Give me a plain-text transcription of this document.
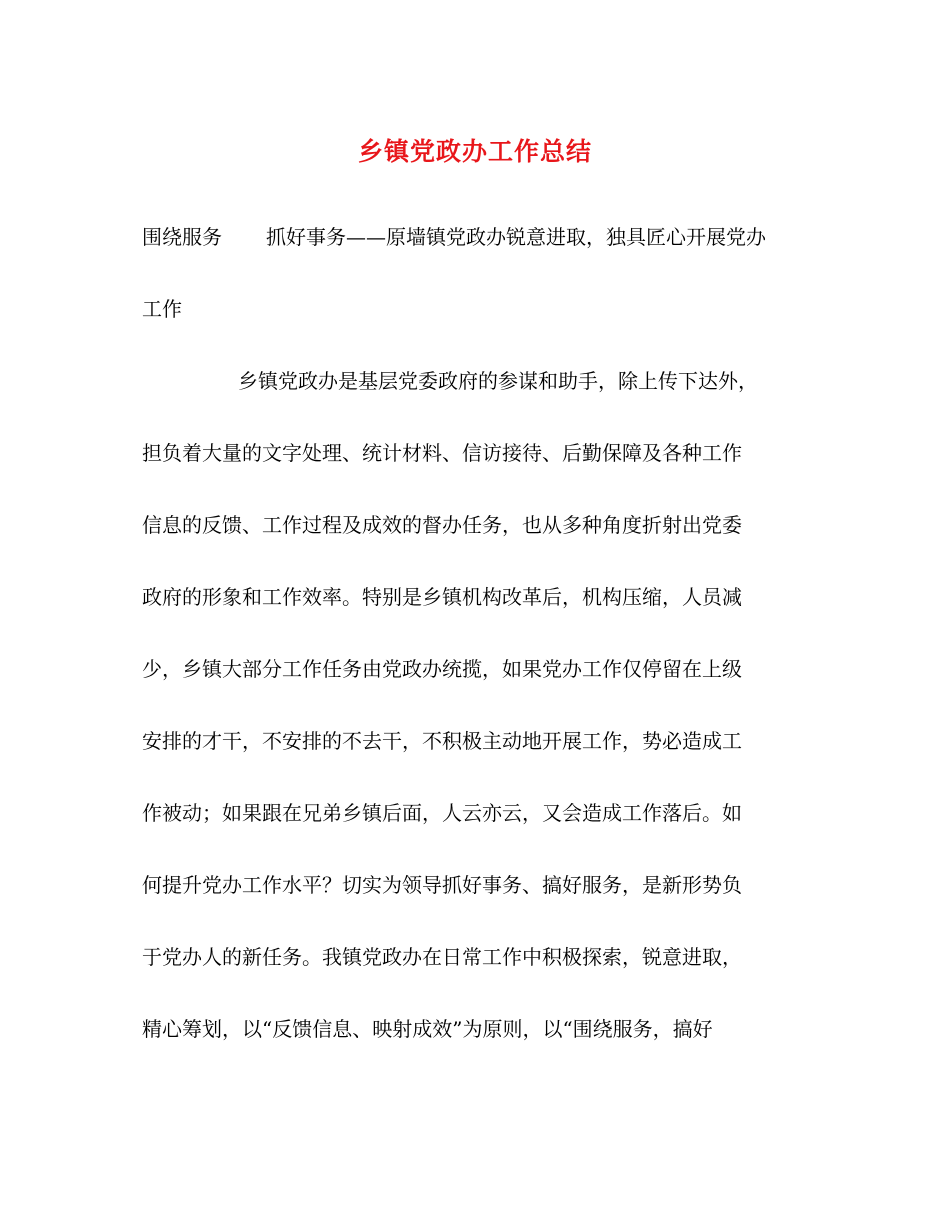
乡镇党政办工作总结
围绕服务 抓好事务——原墙镇党政办锐意进取，独具匠心开展党办
工作
乡镇党政办是基层党委政府的参谋和助手，除上传下达外，
担负着大量的文字处理、统计材料、信访接待、后勤保障及各种工作
信息的反馈、工作过程及成效的督办任务，也从多种角度折射出党委
政府的形象和工作效率。特别是乡镇机构改革后，机构压缩，人员减
少，乡镇大部分工作任务由党政办统揽，如果党办工作仅停留在上级
安排的才干，不安排的不去干，不积极主动地开展工作，势必造成工
作被动；如果跟在兄弟乡镇后面，人云亦云，又会造成工作落后。如
何提升党办工作水平？切实为领导抓好事务、搞好服务，是新形势负
于党办人的新任务。我镇党政办在日常工作中积极探索，锐意进取，
精心筹划，以“反馈信息、映射成效”为原则，以“围绕服务，搞好
